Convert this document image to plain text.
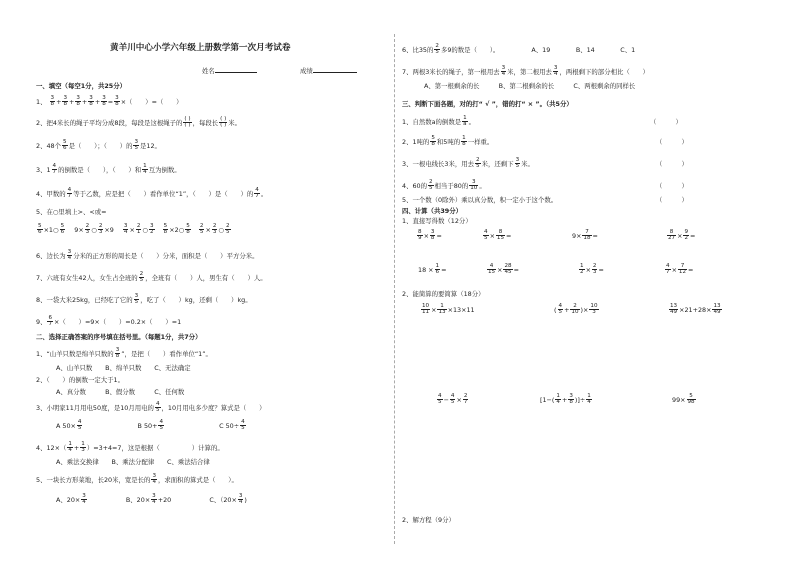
黄羊川中心小学六年级上册数学第一次月考试卷
姓名	成绩
一、填空（每空1分，共25分）
1、 $\frac{3}{8} + \frac{3}{8} + \frac{3}{8} + \frac{3}{8} + \frac{3}{8} = \frac{3}{8}$ ×（　　）=（　　）
2、把4米长的绳子平均分成8段，每段是这根绳子的 ( )
( ) ，每段长 ( )
( ) 米。
2、48个 $\frac{5}{6}$ 是（　　）；（　　）的 $\frac{3}{5}$ 是12。
3、$1 \frac{4}{7}$ 的倒数是（　　），（　　）和 $\frac{1}{4}$ 互为倒数。
4、甲数的 $\frac{4}{7}$ 等于乙数，应是把（　　）看作单位“1”，（　　）是（　　）的 $\frac{4}{7}$ 。
5、在○里填上>、<或=
$\frac{5}{6}$ ×1○ $\frac{5}{6} 9\times \frac{2}{3}$ ○ $\frac{2}{3} \times 9 \frac{3}{4} \times \frac{2}{1}$ ○ $\frac{3}{2}$
$\frac{5}{8}$ ×2○ $\frac{5}{8}$
$\frac{2}{5} \times \frac{2}{3}$ ○ $\frac{2}{5}$
6、边长为 $\frac{3}{4}$ 分米的正方形的周长是（　　）分米，面积是（　　）平方分米。
7、六班有女生42人，女生占全班的 $\frac{2}{5}$ ，全班有（　　）人，男生有（　　）人。
8、一袋大米25kg，已经吃了它的 $\frac{3}{5}$ ，吃了（　　）kg，还剩（　　）kg。
9、 $\frac{6}{7}$ ×（　　）=9×（　　）=0.2×（　　）=1
二、选择正确答案的序号填在括号里。（每题1分，共7分）
1、“山羊只数是绵羊只数的 $\frac{3}{8}$ ”，是把（　　）看作单位“1”。
A、山羊只数　　B、绵羊只数　　C、无法确定
2、（　　）的倒数一定大于1。
A、真分数　　　B、假分数　　　C、任何数
3、小明家11月用电50度，是10月用电的 $\frac{4}{5}$ ，10月用电多少度？算式是（　　）
A $50\times \frac{4}{5}$	B $50+ \frac{4}{5}$	C $50\div \frac{4}{5}$
4、$12\times( \frac{1}{4} + \frac{1}{3} )=3+4=7$，这是根据（　　　　　）计算的。
A、乘法交换律　　B、乘法分配律　　C、乘法结合律
5、一块长方形菜地，长20米，宽是长的 $\frac{3}{4}$ ，求面积的算式是（　　）。
A、$20\times \frac{3}{4}$	B、$20\times \frac{3}{4} +20$	C、（$20\times \frac{3}{4}$ )
6、比35的 $\frac{2}{5}$ 多9的数是（　　）。	A、19　　　　B、14　　　　C、1
7、两根3米长的绳子，第一根用去 $\frac{3}{4}$ 米，第二根用去 $\frac{3}{4}$ ，两根剩下的部分相比（　　）
A、第一根剩余的长　　　B、第二根剩余的长　　　C、两根剩余的同样长
三、判断下面各题，对的打“ √ ”，错的打“ × ”。（共5分）
1、自然数a的倒数是 $\frac{1}{a}$ 。	（　　　）
2、1吨的 $\frac{5}{8}$ 和5吨的 $\frac{1}{8}$ 一样重。	（　　　）
3、一根电线长3米，用去 $\frac{2}{5}$ 米，还剩下 $\frac{3}{5}$ 米。	（　　　）
4、60的 $\frac{2}{5}$ 相当于80的 $\frac{3}{10}$ 。	（　　　）
5、一个数（0除外）乘以真分数，积一定小于这个数。	（　　　）
四、计算（共39分）
1、直接写得数（12分）
$\frac{8}{9} \times \frac{3}{8}$ =	$\frac{4}{5} \times \frac{8}{15}$ =	$9\times \frac{7}{18}$ =	$\frac{8}{27} \times \frac{9}{2}$ =
$18 \times \frac{1}{6}$ =	$\frac{4}{15} \times \frac{28}{45}$ =	$\frac{1}{2} \times \frac{2}{3}$ =	$\frac{4}{7} \times \frac{7}{12}$ =
2、能简算的要简算（18分）
$\frac{10}{11} \times \frac{1}{13} \times 13\times 11$	( $\frac{4}{5} + \frac{2}{10}$ )× $\frac{10}{3}$	$\frac{13}{49} \times 21+28\times \frac{13}{49}$
$\frac{4}{5} - \frac{4}{5} \times \frac{2}{7}$	[$1-( \frac{1}{4} + \frac{3}{8}$ )]÷ $\frac{1}{4}$	$99\times \frac{5}{98}$
2、解方程（9分）
